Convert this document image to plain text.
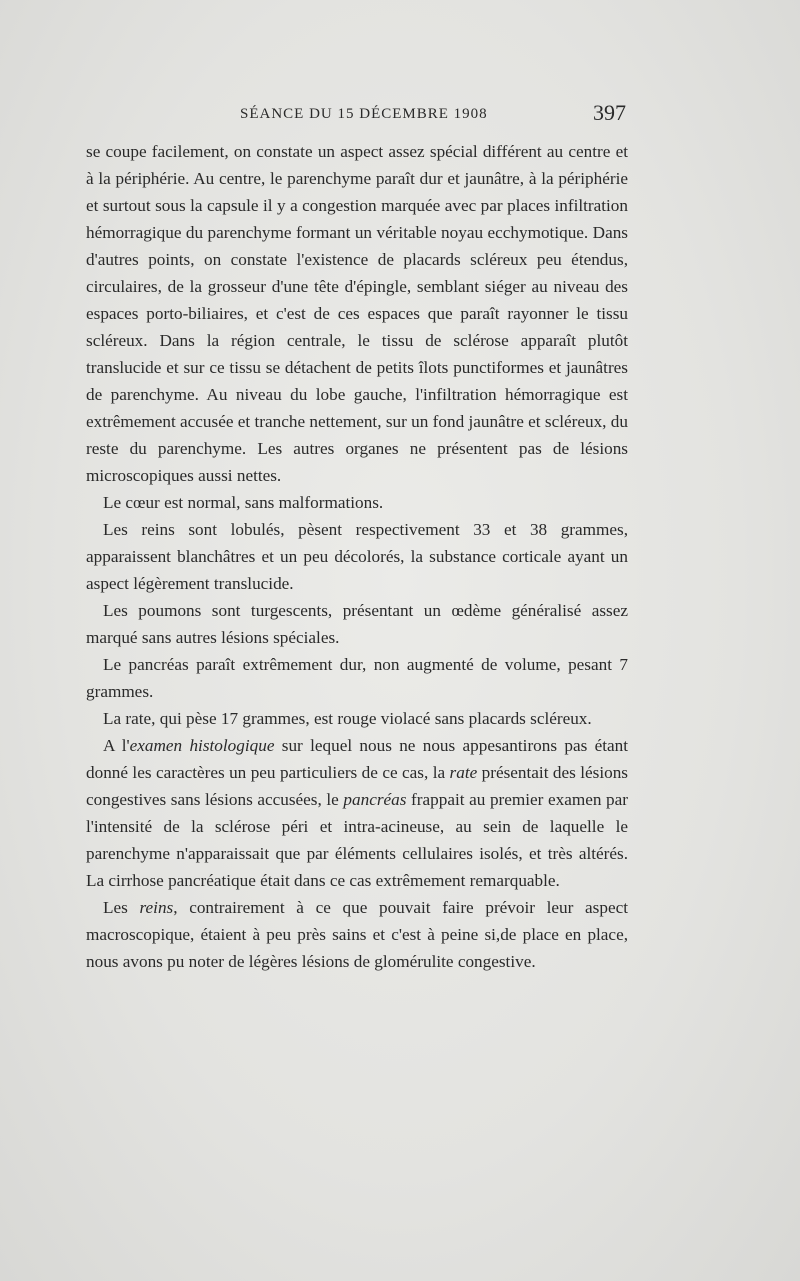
SÉANCE DU 15 DÉCEMBRE 1908	397

se coupe facilement, on constate un aspect assez spécial différent au centre et à la périphérie. Au centre, le parenchyme paraît dur et jaunâtre, à la périphérie et surtout sous la capsule il y a congestion marquée avec par places infiltration hémorragique du parenchyme formant un véritable noyau ecchymotique. Dans d'autres points, on constate l'existence de placards scléreux peu étendus, circulaires, de la grosseur d'une tête d'épingle, semblant siéger au niveau des espaces porto-biliaires, et c'est de ces espaces que paraît rayonner le tissu scléreux. Dans la région centrale, le tissu de sclérose apparaît plutôt translucide et sur ce tissu se détachent de petits îlots punctiformes et jaunâtres de parenchyme. Au niveau du lobe gauche, l'infiltration hémorragique est extrêmement accusée et tranche nettement, sur un fond jaunâtre et scléreux, du reste du parenchyme. Les autres organes ne présentent pas de lésions microscopiques aussi nettes.

Le cœur est normal, sans malformations.

Les reins sont lobulés, pèsent respectivement 33 et 38 grammes, apparaissent blanchâtres et un peu décolorés, la substance corticale ayant un aspect légèrement translucide.

Les poumons sont turgescents, présentant un œdème généralisé assez marqué sans autres lésions spéciales.

Le pancréas paraît extrêmement dur, non augmenté de volume, pesant 7 grammes.

La rate, qui pèse 17 grammes, est rouge violacé sans placards scléreux.

A l'examen histologique sur lequel nous ne nous appesantirons pas étant donné les caractères un peu particuliers de ce cas, la rate présentait des lésions congestives sans lésions accusées, le pancréas frappait au premier examen par l'intensité de la sclérose péri et intra-acineuse, au sein de laquelle le parenchyme n'apparaissait que par éléments cellulaires isolés, et très altérés. La cirrhose pancréatique était dans ce cas extrêmement remarquable.

Les reins, contrairement à ce que pouvait faire prévoir leur aspect macroscopique, étaient à peu près sains et c'est à peine si,de place en place, nous avons pu noter de légères lésions de glomérulite congestive.
